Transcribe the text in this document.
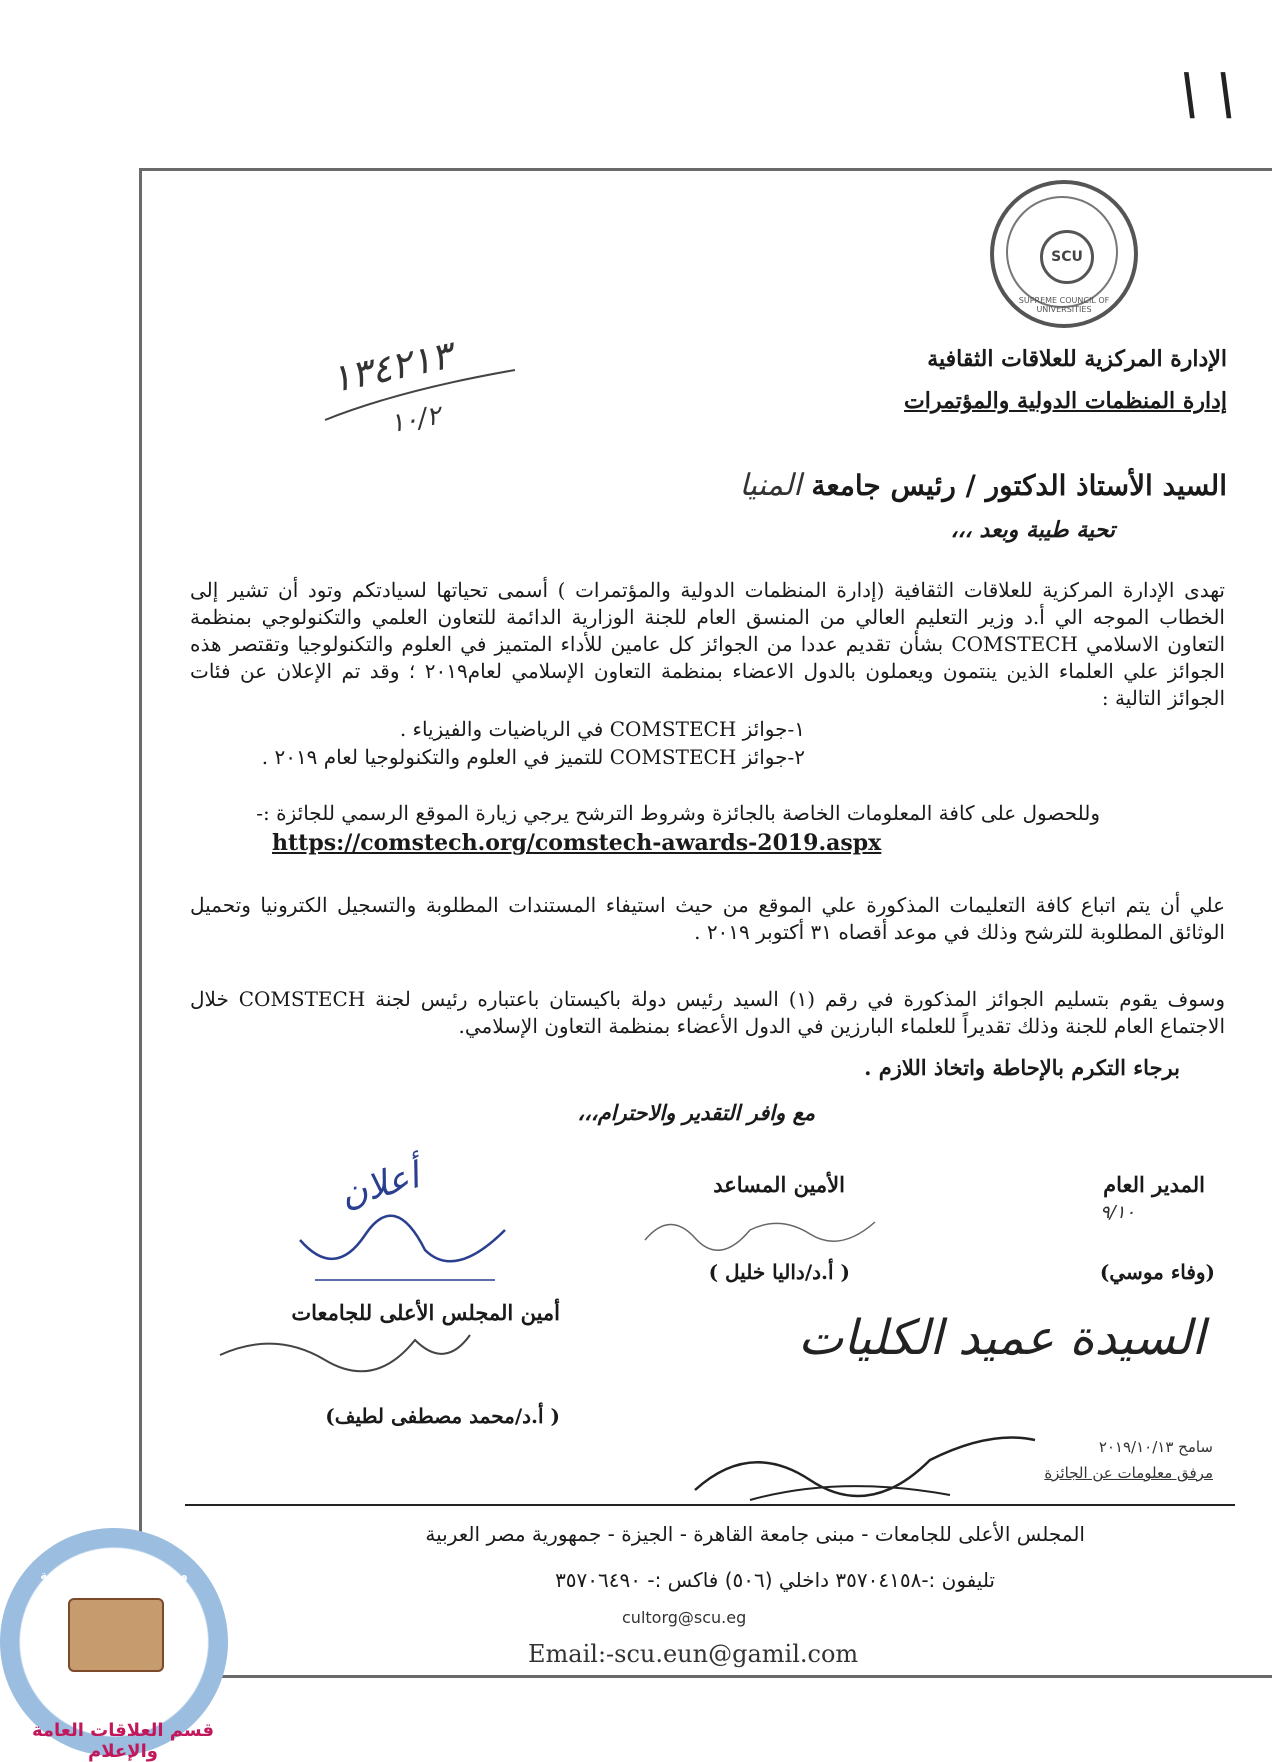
\ \
SCU
SUPREME COUNCIL OF UNIVERSITIES
الإدارة المركزية للعلاقات الثقافية
إدارة المنظمات الدولية والمؤتمرات
١٣٤٢١٣
١٠/٢
السيد الأستاذ الدكتور / رئيس جامعة المنيا
تحية طيبة وبعد ،،،
تهدى الإدارة المركزية للعلاقات الثقافية (إدارة المنظمات الدولية والمؤتمرات ) أسمى تحياتها لسيادتكم وتود أن تشير إلى الخطاب الموجه الي أ.د وزير التعليم العالي من المنسق العام للجنة الوزارية الدائمة للتعاون العلمي والتكنولوجي بمنظمة التعاون الاسلامي COMSTECH بشأن تقديم عددا من الجوائز كل عامين للأداء المتميز في العلوم والتكنولوجيا وتقتصر هذه الجوائز علي العلماء الذين ينتمون ويعملون بالدول الاعضاء بمنظمة التعاون الإسلامي لعام٢٠١٩ ؛ وقد تم الإعلان عن فئات الجوائز التالية :
١-جوائز COMSTECH في الرياضيات والفيزياء .
٢-جوائز COMSTECH للتميز في العلوم والتكنولوجيا لعام ٢٠١٩ .
وللحصول على كافة المعلومات الخاصة بالجائزة وشروط الترشح يرجي زيارة الموقع الرسمي للجائزة :-
https://comstech.org/comstech-awards-2019.aspx
علي أن يتم اتباع كافة التعليمات المذكورة علي الموقع من حيث استيفاء المستندات المطلوبة والتسجيل الكترونيا وتحميل الوثائق المطلوبة للترشح وذلك في موعد أقصاه ٣١ أكتوبر ٢٠١٩ .
وسوف يقوم بتسليم الجوائز المذكورة في رقم (١) السيد رئيس دولة باكيستان باعتباره رئيس لجنة COMSTECH خلال الاجتماع العام للجنة وذلك تقديراً للعلماء البارزين في الدول الأعضاء بمنظمة التعاون الإسلامي.
برجاء التكرم بالإحاطة واتخاذ اللازم .
مع وافر التقدير والاحترام،،،
المدير العام
٩/١٠
(وفاء موسي)
الأمين المساعد
( أ.د/داليا خليل )
أعلان
أمين المجلس الأعلى للجامعات
( أ.د/محمد مصطفى لطيف)
السيدة عميد الكليات
سامح ٢٠١٩/١٠/١٣
مرفق معلومات عن الجائزة
المجلس الأعلى للجامعات - مبنى جامعة القاهرة - الجيزة - جمهورية مصر العربية
تليفون :-٣٥٧٠٤١٥٨ داخلي (٥٠٦) فاكس :- ٣٥٧٠٦٤٩٠
cultorg@scu.eg
Email:-scu.eun@gamil.com
وحدة الخدمات الإلكترونية
البوابة الإلكترونية
قسم العلاقات العامة والإعلام
